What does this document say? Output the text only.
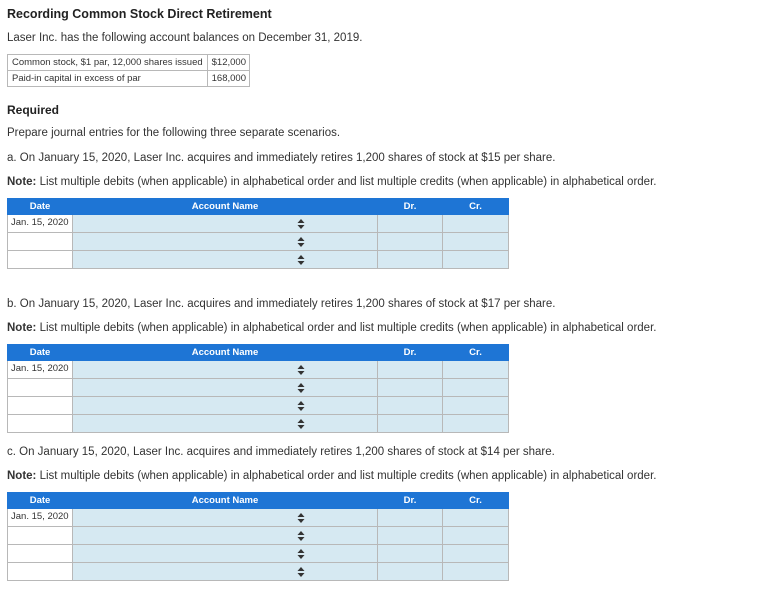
Recording Common Stock Direct Retirement
Laser Inc. has the following account balances on December 31, 2019.
Common stock, $1 par, 12,000 shares issued	$12,000
Paid-in capital in excess of par	168,000
Required
Prepare journal entries for the following three separate scenarios.
a. On January 15, 2020, Laser Inc. acquires and immediately retires 1,200 shares of stock at $15 per share.
Note: List multiple debits (when applicable) in alphabetical order and list multiple credits (when applicable) in alphabetical order.
Date	Account Name	Dr.	Cr.
Jan. 15, 2020	

b. On January 15, 2020, Laser Inc. acquires and immediately retires 1,200 shares of stock at $17 per share.
Note: List multiple debits (when applicable) in alphabetical order and list multiple credits (when applicable) in alphabetical order.
Date	Account Name	Dr.	Cr.
Jan. 15, 2020	

c. On January 15, 2020, Laser Inc. acquires and immediately retires 1,200 shares of stock at $14 per share.
Note: List multiple debits (when applicable) in alphabetical order and list multiple credits (when applicable) in alphabetical order.
Date	Account Name	Dr.	Cr.
Jan. 15, 2020	
